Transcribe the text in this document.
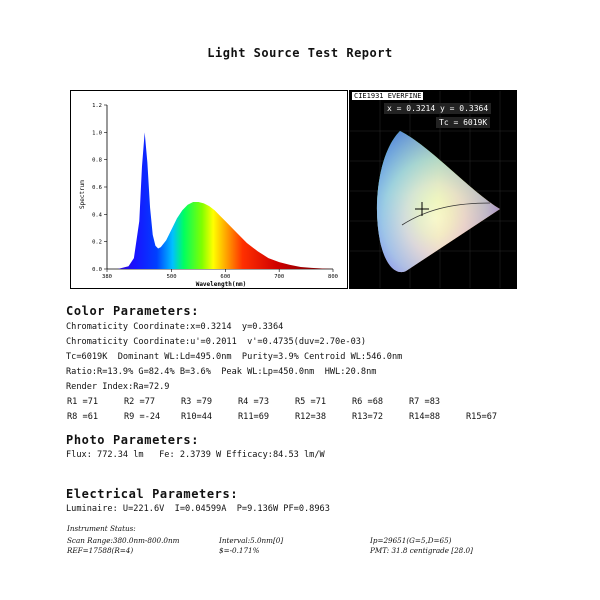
Light Source Test Report
0.0
0.2
0.4
0.6
0.8
1.0
1.2
380	500	600	700	800
Spectrum
Wavelength(nm)
CIE1931 EVERFINE
x = 0.3214 y = 0.3364
Tc = 6019K
Color Parameters:
Chromaticity Coordinate:x=0.3214  y=0.3364
Chromaticity Coordinate:u'=0.2011  v'=0.4735(duv=2.70e-03)
Tc=6019K  Dominant WL:Ld=495.0nm  Purity=3.9% Centroid WL:546.0nm
Ratio:R=13.9% G=82.4% B=3.6%  Peak WL:Lp=450.0nm  HWL:20.8nm
Render Index:Ra=72.9
R1 =71	R2 =77	R3 =79	R4 =73	R5 =71	R6 =68	R7 =83
R8 =61	R9 =-24 R10=44	R11=69	R12=38	R13=72	R14=88	R15=67
Photo Parameters:
Flux: 772.34 lm   Fe: 2.3739 W Efficacy:84.53 lm/W
Electrical Parameters:
Luminaire: U=221.6V  I=0.04599A  P=9.136W PF=0.8963
Instrument Status:
Scan Range:380.0nm-800.0nm	Interval:5.0nm[0]	Ip=29651(G=5,D=65)
REF=17588(R=4)	$=-0.171%	PMT: 31.8 centigrade [28.0]
